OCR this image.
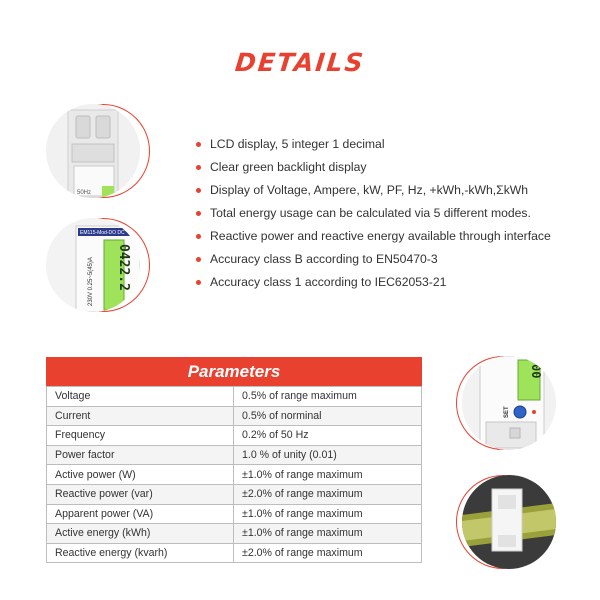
DETAILS
50Hz
EM115-Mod-DO DC
0422.2
230V 0.25~5(45)A
LCD display, 5 integer 1 decimal
Clear green backlight display
Display of Voltage, Ampere, kW, PF, Hz, +kWh,-kWh,ΣkWh
Total energy usage can be calculated via 5 different modes.
Reactive power and reactive energy available through interface
Accuracy class B according to EN50470-3
Accuracy class 1 according to IEC62053-21
Parameters
Voltage	0.5% of range maximum
Current	0.5% of norminal
Frequency	0.2% of 50 Hz
Power factor	1.0 % of unity (0.01)
Active power (W)	±1.0% of range maximum
Reactive power (var)	±2.0% of range maximum
Apparent power (VA)	±1.0% of range maximum
Active energy (kWh)	±1.0% of range maximum
Reactive energy (kvarh)	±2.0% of range maximum
00
SET
